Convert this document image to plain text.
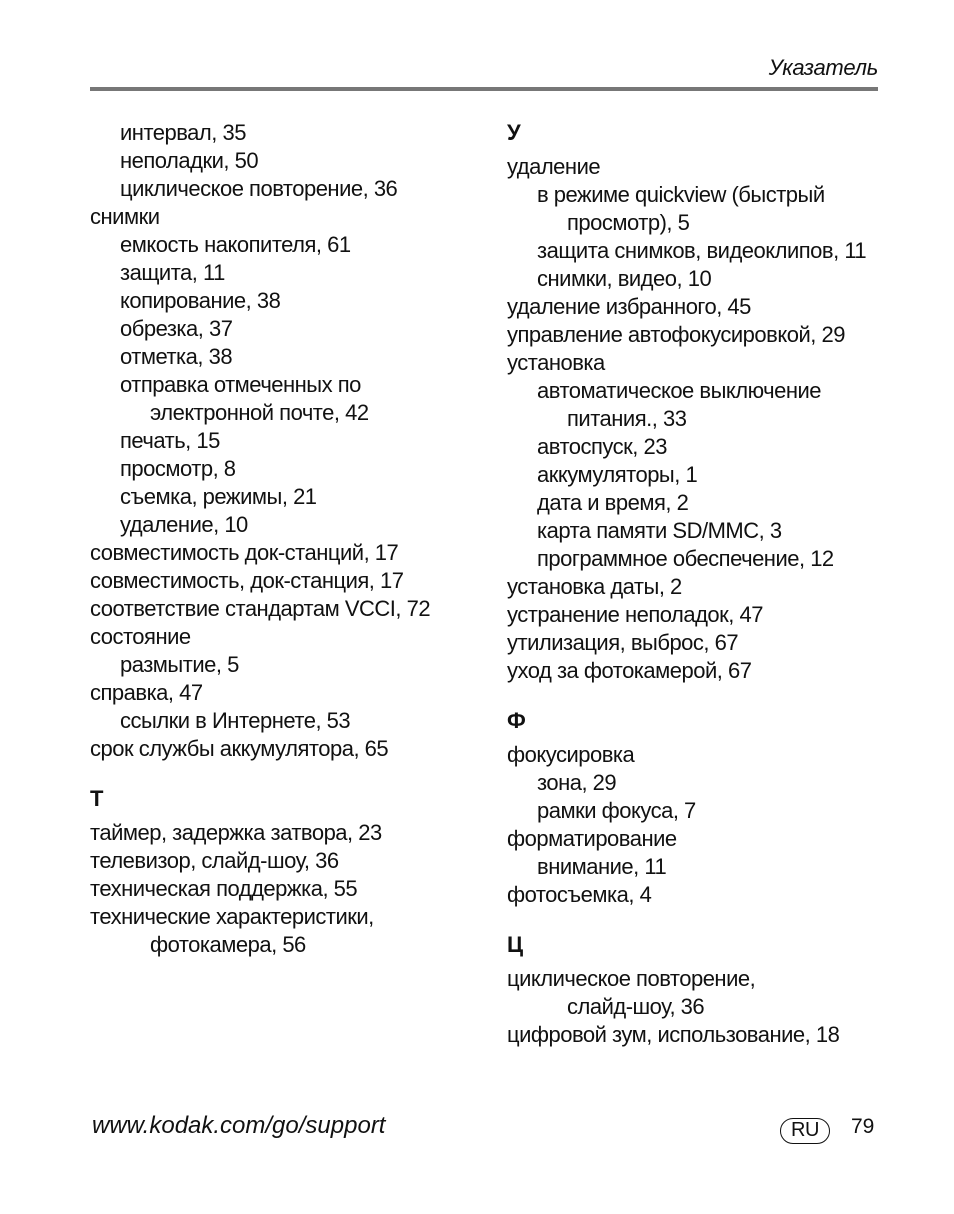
Указатель
интервал, 35
неполадки, 50
циклическое повторение, 36
снимки
емкость накопителя, 61
защита, 11
копирование, 38
обрезка, 37
отметка, 38
отправка отмеченных по
электронной почте, 42
печать, 15
просмотр, 8
съемка, режимы, 21
удаление, 10
совместимость док-станций, 17
совместимость, док-станция, 17
соответствие стандартам VCCI, 72
состояние
размытие, 5
справка, 47
ссылки в Интернете, 53
срок службы аккумулятора, 65
Т
таймер, задержка затвора, 23
телевизор, слайд-шоу, 36
техническая поддержка, 55
технические характеристики,
фотокамера, 56
У
удаление
в режиме quickview (быстрый
просмотр), 5
защита снимков, видеоклипов, 11
снимки, видео, 10
удаление избранного, 45
управление автофокусировкой, 29
установка
автоматическое выключение
питания., 33
автоспуск, 23
аккумуляторы, 1
дата и время, 2
карта памяти SD/MMC, 3
программное обеспечение, 12
установка даты, 2
устранение неполадок, 47
утилизация, выброс, 67
уход за фотокамерой, 67
Ф
фокусировка
зона, 29
рамки фокуса, 7
форматирование
внимание, 11
фотосъемка, 4
Ц
циклическое повторение,
слайд-шоу, 36
цифровой зум, использование, 18
www.kodak.com/go/support	RU	79
